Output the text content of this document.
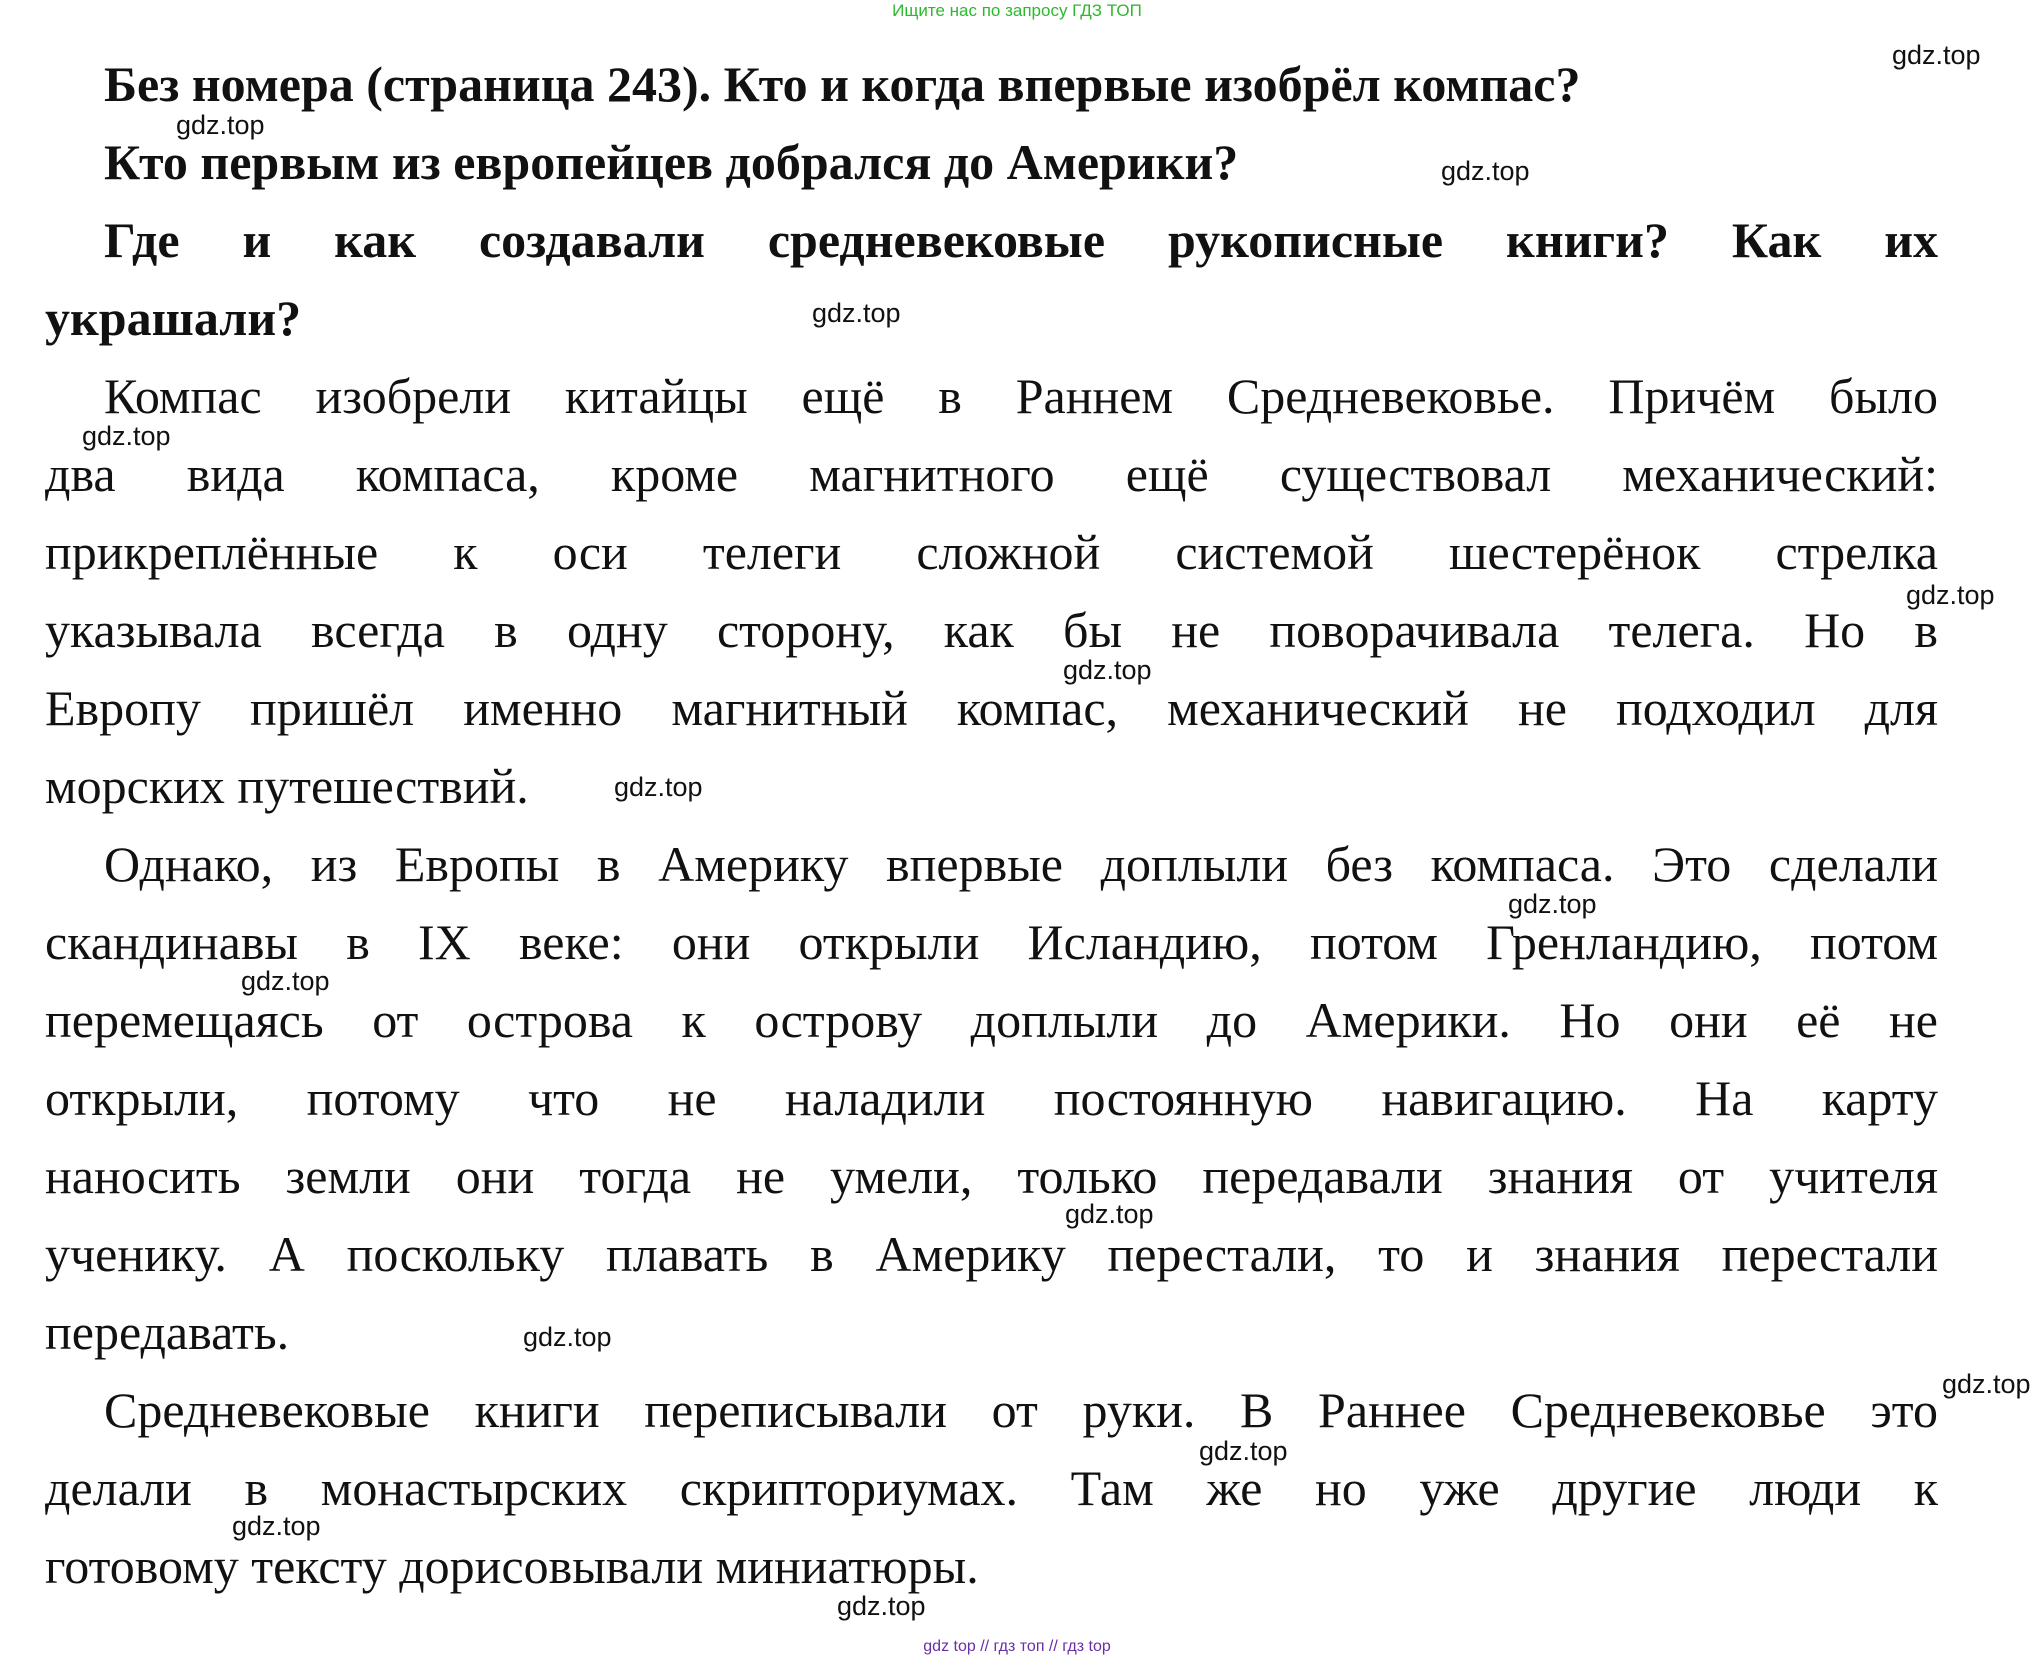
Ищите нас по запросу ГДЗ ТОП
Без номера (страница 243). Кто и когда впервые изобрёл компас?
Кто первым из европейцев добрался до Америки?
Где и как создавали средневековые рукописные книги? Как их
украшали?
Компас изобрели китайцы ещё в Раннем Средневековье. Причём было
два вида компаса, кроме магнитного ещё существовал механический:
прикреплённые к оси телеги сложной системой шестерёнок стрелка
указывала всегда в одну сторону, как бы не поворачивала телега. Но в
Европу пришёл именно магнитный компас, механический не подходил для
морских путешествий.
Однако, из Европы в Америку впервые доплыли без компаса. Это сделали
скандинавы в IX веке: они открыли Исландию, потом Гренландию, потом
перемещаясь от острова к острову доплыли до Америки. Но они её не
открыли, потому что не наладили постоянную навигацию. На карту
наносить земли они тогда не умели, только передавали знания от учителя
ученику. А поскольку плавать в Америку перестали, то и знания перестали
передавать.
Средневековые книги переписывали от руки. В Раннее Средневековье это
делали в монастырских скрипториумах. Там же но уже другие люди к
готовому тексту дорисовывали миниатюры.
gdz.top
gdz.top
gdz.top
gdz.top
gdz.top
gdz.top
gdz.top
gdz.top
gdz.top
gdz.top
gdz.top
gdz.top
gdz.top
gdz.top
gdz.top
gdz.top
gdz top // гдз топ // гдз top
